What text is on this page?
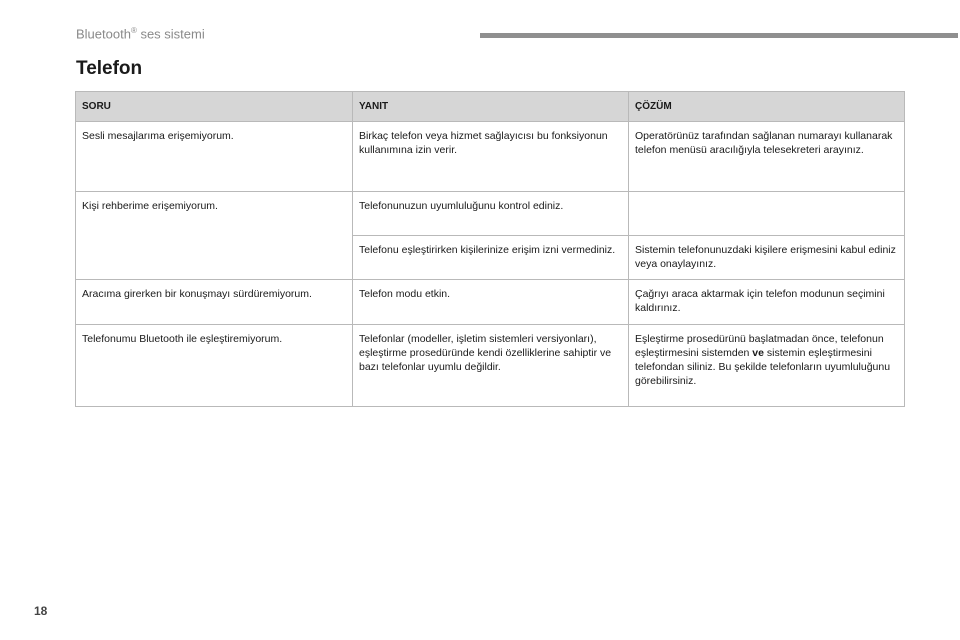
Bluetooth® ses sistemi
Telefon
SORU	YANIT	ÇÖZÜM
Sesli mesajlarıma erişemiyorum.	Birkaç telefon veya hizmet sağlayıcısı bu fonksiyonun kullanımına izin verir.	Operatörünüz tarafından sağlanan numarayı kullanarak telefon menüsü aracılığıyla telesekreteri arayınız.
Kişi rehberime erişemiyorum.	Telefonunuzun uyumluluğunu kontrol ediniz.	
	Telefonu eşleştirirken kişilerinize erişim izni vermediniz.	Sistemin telefonunuzdaki kişilere erişmesini kabul ediniz veya onaylayınız.
Aracıma girerken bir konuşmayı sürdüremiyorum.	Telefon modu etkin.	Çağrıyı araca aktarmak için telefon modunun seçimini kaldırınız.
Telefonumu Bluetooth ile eşleştiremiyorum.	Telefonlar (modeller, işletim sistemleri versiyonları), eşleştirme prosedüründe kendi özelliklerine sahiptir ve bazı telefonlar uyumlu değildir.	Eşleştirme prosedürünü başlatmadan önce, telefonun eşleştirmesini sistemden ve sistemin eşleştirmesini telefondan siliniz. Bu şekilde telefonların uyumluluğunu görebilirsiniz.
18
